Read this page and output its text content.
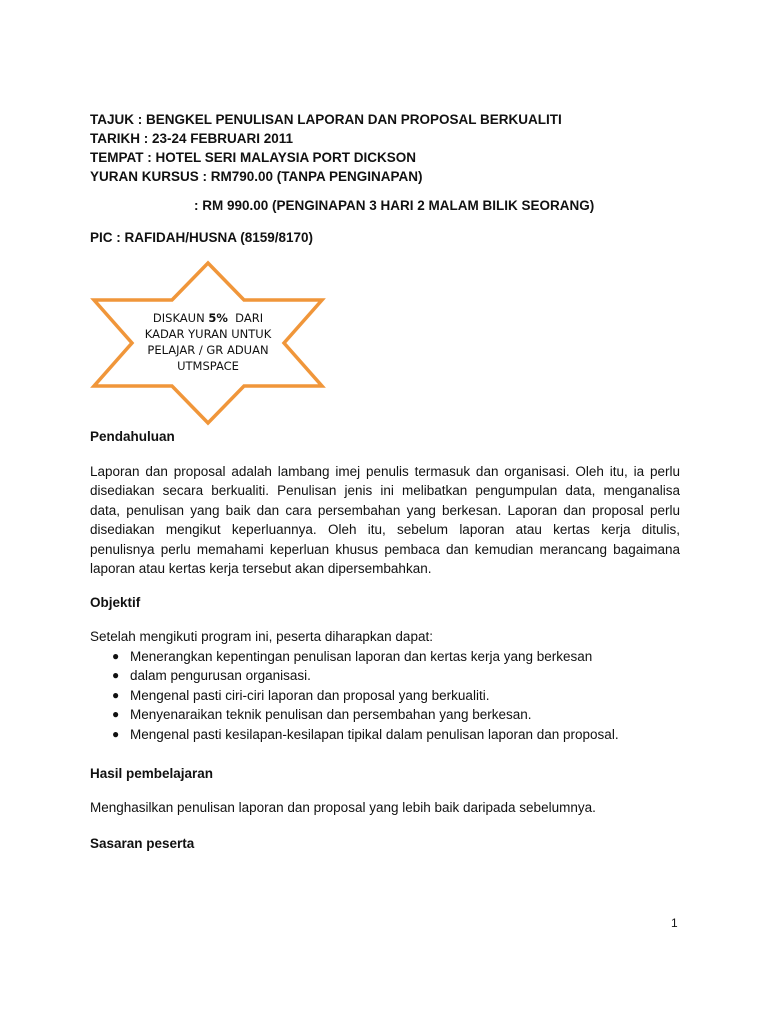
TAJUK : BENGKEL PENULISAN LAPORAN DAN PROPOSAL BERKUALITI
TARIKH : 23-24 FEBRUARI 2011
TEMPAT : HOTEL SERI MALAYSIA PORT DICKSON
YURAN KURSUS : RM790.00 (TANPA PENGINAPAN)
: RM 990.00 (PENGINAPAN 3 HARI 2 MALAM BILIK SEORANG)
PIC : RAFIDAH/HUSNA (8159/8170)
DISKAUN 5%  DARI
KADAR YURAN UNTUK
PELAJAR / GR ADUAN
UTMSPACE
Pendahuluan
Laporan dan proposal adalah lambang imej penulis termasuk dan organisasi. Oleh itu, ia perlu
disediakan secara berkualiti. Penulisan jenis ini melibatkan pengumpulan data, menganalisa
data, penulisan yang baik dan cara persembahan yang berkesan. Laporan dan proposal perlu
disediakan mengikut keperluannya. Oleh itu, sebelum laporan atau kertas kerja ditulis,
penulisnya perlu memahami keperluan khusus pembaca dan kemudian merancang bagaimana
laporan atau kertas kerja tersebut akan dipersembahkan.
Objektif
Setelah mengikuti program ini, peserta diharapkan dapat:
● Menerangkan kepentingan penulisan laporan dan kertas kerja yang berkesan
● dalam pengurusan organisasi.
● Mengenal pasti ciri-ciri laporan dan proposal yang berkualiti.
● Menyenaraikan teknik penulisan dan persembahan yang berkesan.
● Mengenal pasti kesilapan-kesilapan tipikal dalam penulisan laporan dan proposal.
Hasil pembelajaran
Menghasilkan penulisan laporan dan proposal yang lebih baik daripada sebelumnya.
Sasaran peserta
1
